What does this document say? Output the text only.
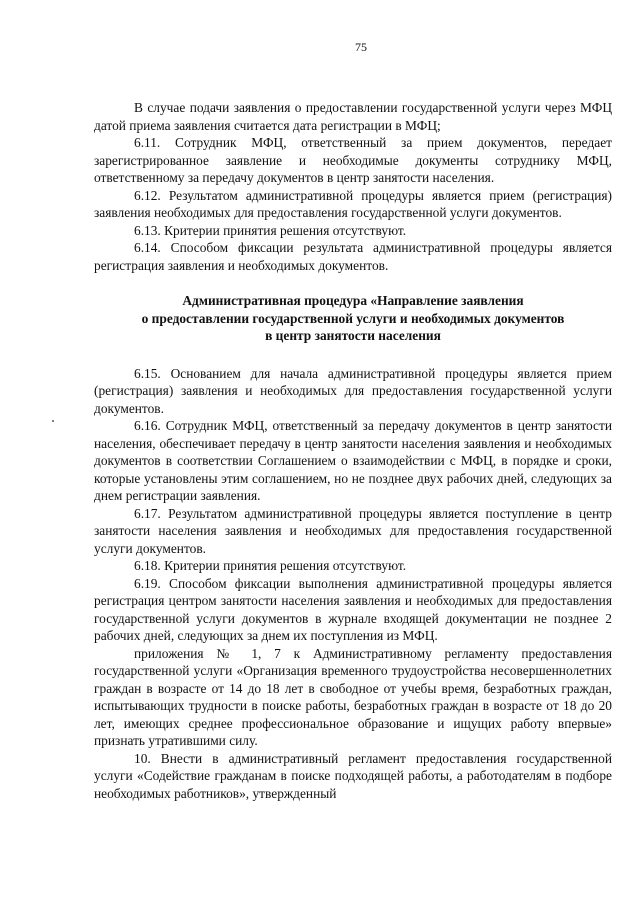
75

В случае подачи заявления о предоставлении государственной услуги через МФЦ датой приема заявления считается дата регистрации в МФЦ;

6.11. Сотрудник МФЦ, ответственный за прием документов, передает зарегистрированное заявление и необходимые документы сотруднику МФЦ, ответственному за передачу документов в центр занятости населения.

6.12. Результатом административной процедуры является прием (регистрация) заявления необходимых для предоставления государственной услуги документов.

6.13. Критерии принятия решения отсутствуют.

6.14. Способом фиксации результата административной процедуры является регистрация заявления и необходимых документов.

Административная процедура «Направление заявления
о предоставлении государственной услуги и необходимых документов
в центр занятости населения

6.15. Основанием для начала административной процедуры является прием (регистрация) заявления и необходимых для предоставления государственной услуги документов.

6.16. Сотрудник МФЦ, ответственный за передачу документов в центр занятости населения, обеспечивает передачу в центр занятости населения заявления и необходимых документов в соответствии Соглашением о взаимодействии с МФЦ, в порядке и сроки, которые установлены этим соглашением, но не позднее двух рабочих дней, следующих за днем регистрации заявления.

6.17. Результатом административной процедуры является поступление в центр занятости населения заявления и необходимых для предоставления государственной услуги документов.

6.18. Критерии принятия решения отсутствуют.

6.19. Способом фиксации выполнения административной процедуры является регистрация центром занятости населения заявления и необходимых для предоставления государственной услуги документов в журнале входящей документации не позднее 2 рабочих дней, следующих за днем их поступления из МФЦ.

приложения № 1, 7 к Административному регламенту предоставления государственной услуги «Организация временного трудоустройства несовершеннолетних граждан в возрасте от 14 до 18 лет в свободное от учебы время, безработных граждан, испытывающих трудности в поиске работы, безработных граждан в возрасте от 18 до 20 лет, имеющих среднее профессиональное образование и ищущих работу впервые» признать утратившими силу.

10. Внести в административный регламент предоставления государственной услуги «Содействие гражданам в поиске подходящей работы, а работодателям в подборе необходимых работников», утвержденный
